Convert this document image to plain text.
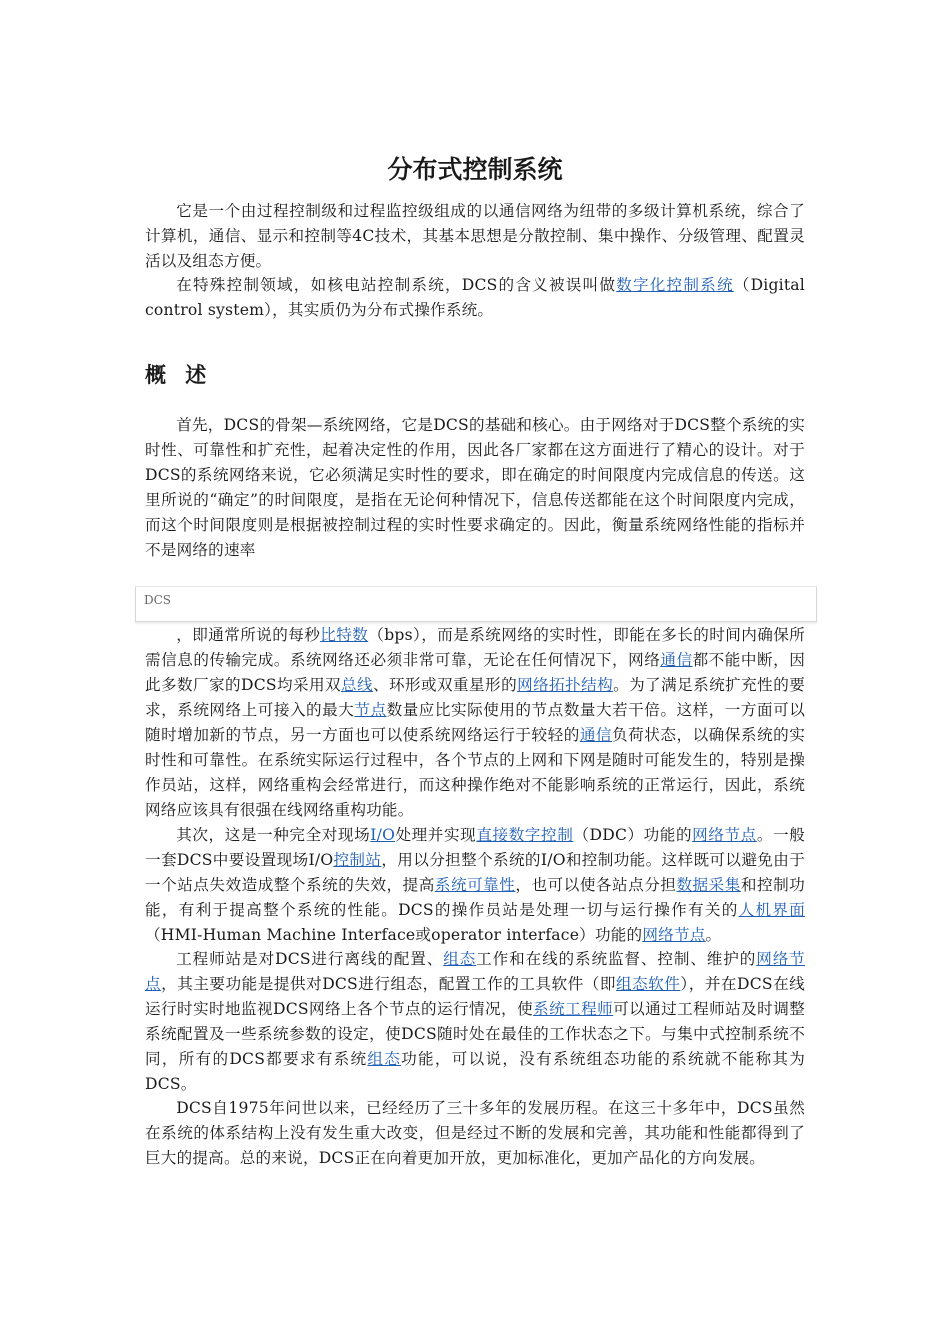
分布式控制系统

它是一个由过程控制级和过程监控级组成的以通信网络为纽带的多级计算机系统，综合了计算机，通信、显示和控制等4C技术，其基本思想是分散控制、集中操作、分级管理、配置灵活以及组态方便。

在特殊控制领域，如核电站控制系统，DCS的含义被误叫做数字化控制系统（Digital control system），其实质仍为分布式操作系统。

概 述

首先，DCS的骨架—系统网络，它是DCS的基础和核心。由于网络对于DCS整个系统的实时性、可靠性和扩充性，起着决定性的作用，因此各厂家都在这方面进行了精心的设计。对于DCS的系统网络来说，它必须满足实时性的要求，即在确定的时间限度内完成信息的传送。这里所说的“确定”的时间限度，是指在无论何种情况下，信息传送都能在这个时间限度内完成，而这个时间限度则是根据被控制过程的实时性要求确定的。因此，衡量系统网络性能的指标并不是网络的速率

DCS

，即通常所说的每秒比特数（bps），而是系统网络的实时性，即能在多长的时间内确保所需信息的传输完成。系统网络还必须非常可靠，无论在任何情况下，网络通信都不能中断，因此多数厂家的DCS均采用双总线、环形或双重星形的网络拓扑结构。为了满足系统扩充性的要求，系统网络上可接入的最大节点数量应比实际使用的节点数量大若干倍。这样，一方面可以随时增加新的节点，另一方面也可以使系统网络运行于较轻的通信负荷状态，以确保系统的实时性和可靠性。在系统实际运行过程中，各个节点的上网和下网是随时可能发生的，特别是操作员站，这样，网络重构会经常进行，而这种操作绝对不能影响系统的正常运行，因此，系统网络应该具有很强在线网络重构功能。

其次，这是一种完全对现场I/O处理并实现直接数字控制（DDC）功能的网络节点。一般一套DCS中要设置现场I/O控制站，用以分担整个系统的I/O和控制功能。这样既可以避免由于一个站点失效造成整个系统的失效，提高系统可靠性，也可以使各站点分担数据采集和控制功能，有利于提高整个系统的性能。DCS的操作员站是处理一切与运行操作有关的人机界面（HMI-Human Machine Interface或operator interface）功能的网络节点。

工程师站是对DCS进行离线的配置、组态工作和在线的系统监督、控制、维护的网络节点，其主要功能是提供对DCS进行组态，配置工作的工具软件（即组态软件），并在DCS在线运行时实时地监视DCS网络上各个节点的运行情况，使系统工程师可以通过工程师站及时调整系统配置及一些系统参数的设定，使DCS随时处在最佳的工作状态之下。与集中式控制系统不同，所有的DCS都要求有系统组态功能，可以说，没有系统组态功能的系统就不能称其为DCS。

DCS自1975年问世以来，已经经历了三十多年的发展历程。在这三十多年中，DCS虽然在系统的体系结构上没有发生重大改变，但是经过不断的发展和完善，其功能和性能都得到了巨大的提高。总的来说，DCS正在向着更加开放，更加标准化，更加产品化的方向发展。
